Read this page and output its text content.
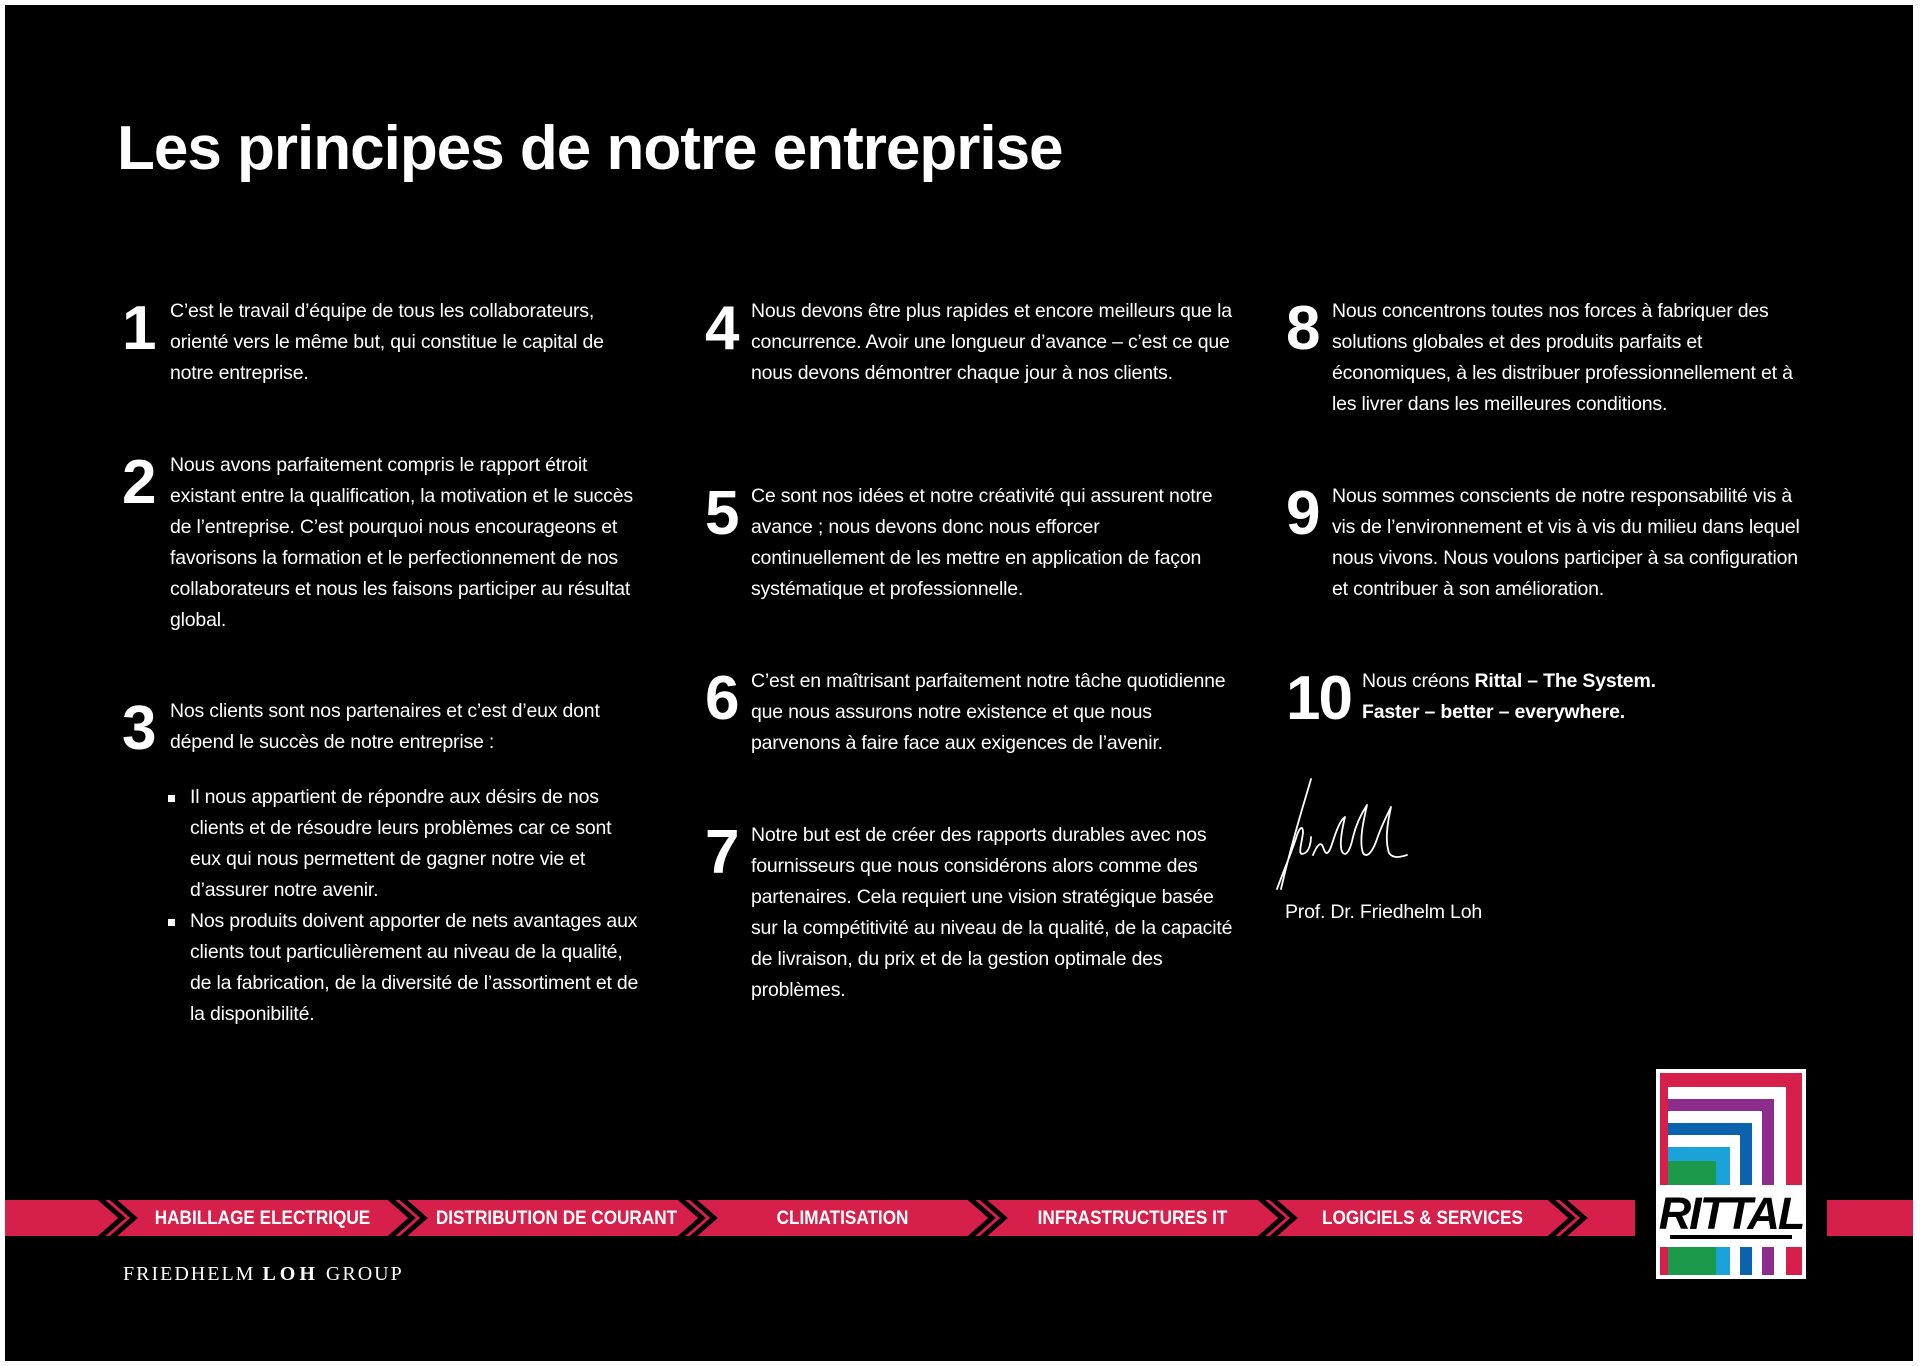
Les principes de notre entreprise
1 C’est le travail d’équipe de tous les collaborateurs, orienté vers le même but, qui constitue le capital de notre entreprise.
2 Nous avons parfaitement compris le rapport étroit existant entre la qualification, la motivation et le succès de l’entreprise. C’est pourquoi nous encourageons et favorisons la formation et le perfectionnement de nos collaborateurs et nous les faisons participer au résultat global.
3 Nos clients sont nos partenaires et c’est d’eux dont dépend le succès de notre entreprise :
Il nous appartient de répondre aux désirs de nos clients et de résoudre leurs problèmes car ce sont eux qui nous permettent de gagner notre vie et d’assurer notre avenir.
Nos produits doivent apporter de nets avantages aux clients tout particulièrement au niveau de la qualité, de la fabrication, de la diversité de l’assortiment et de la disponibilité.
4 Nous devons être plus rapides et encore meilleurs que la concurrence. Avoir une longueur d’avance – c’est ce que nous devons démontrer chaque jour à nos clients.
5 Ce sont nos idées et notre créativité qui assurent notre avance ; nous devons donc nous efforcer continuellement de les mettre en application de façon systématique et professionnelle.
6 C’est en maîtrisant parfaitement notre tâche quotidienne que nous assurons notre existence et que nous parvenons à faire face aux exigences de l’avenir.
7 Notre but est de créer des rapports durables avec nos fournisseurs que nous considérons alors comme des partenaires. Cela requiert une vision stratégique basée sur la compétitivité au niveau de la qualité, de la capacité de livraison, du prix et de la gestion optimale des problèmes.
8 Nous concentrons toutes nos forces à fabriquer des solutions globales et des produits parfaits et économiques, à les distribuer professionnellement et à les livrer dans les meilleures conditions.
9 Nous sommes conscients de notre responsabilité vis à vis de l’environnement et vis à vis du milieu dans lequel nous vivons. Nous voulons participer à sa configuration et contribuer à son amélioration.
10 Nous créons Rittal – The System.
Faster – better – everywhere.
Prof. Dr. Friedhelm Loh
HABILLAGE ELECTRIQUE	DISTRIBUTION DE COURANT	CLIMATISATION	INFRASTRUCTURES IT	LOGICIELS & SERVICES
FRIEDHELM LOH GROUP
RITTAL
